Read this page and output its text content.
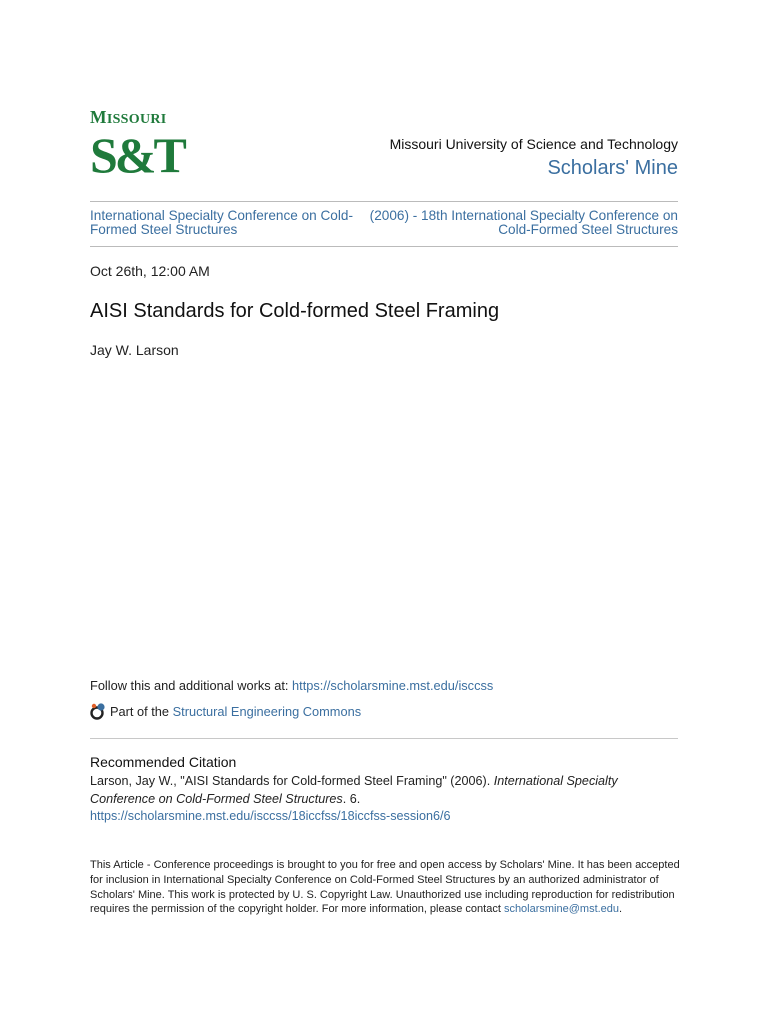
MISSOURI
S&T	Missouri University of Science and Technology
Scholars' Mine
International Specialty Conference on Cold-Formed Steel Structures
(2006) - 18th International Specialty Conference on Cold-Formed Steel Structures
Oct 26th, 12:00 AM
AISI Standards for Cold-formed Steel Framing
Jay W. Larson
Follow this and additional works at: https://scholarsmine.mst.edu/isccss
Part of the
Structural Engineering Commons
Recommended Citation
Larson, Jay W., "AISI Standards for Cold-formed Steel Framing" (2006). International Specialty Conference on Cold-Formed Steel Structures. 6.
https://scholarsmine.mst.edu/isccss/18iccfss/18iccfss-session6/6
This Article - Conference proceedings is brought to you for free and open access by Scholars' Mine. It has been accepted for inclusion in International Specialty Conference on Cold-Formed Steel Structures by an authorized administrator of Scholars' Mine. This work is protected by U. S. Copyright Law. Unauthorized use including reproduction for redistribution requires the permission of the copyright holder. For more information, please contact scholarsmine@mst.edu.
